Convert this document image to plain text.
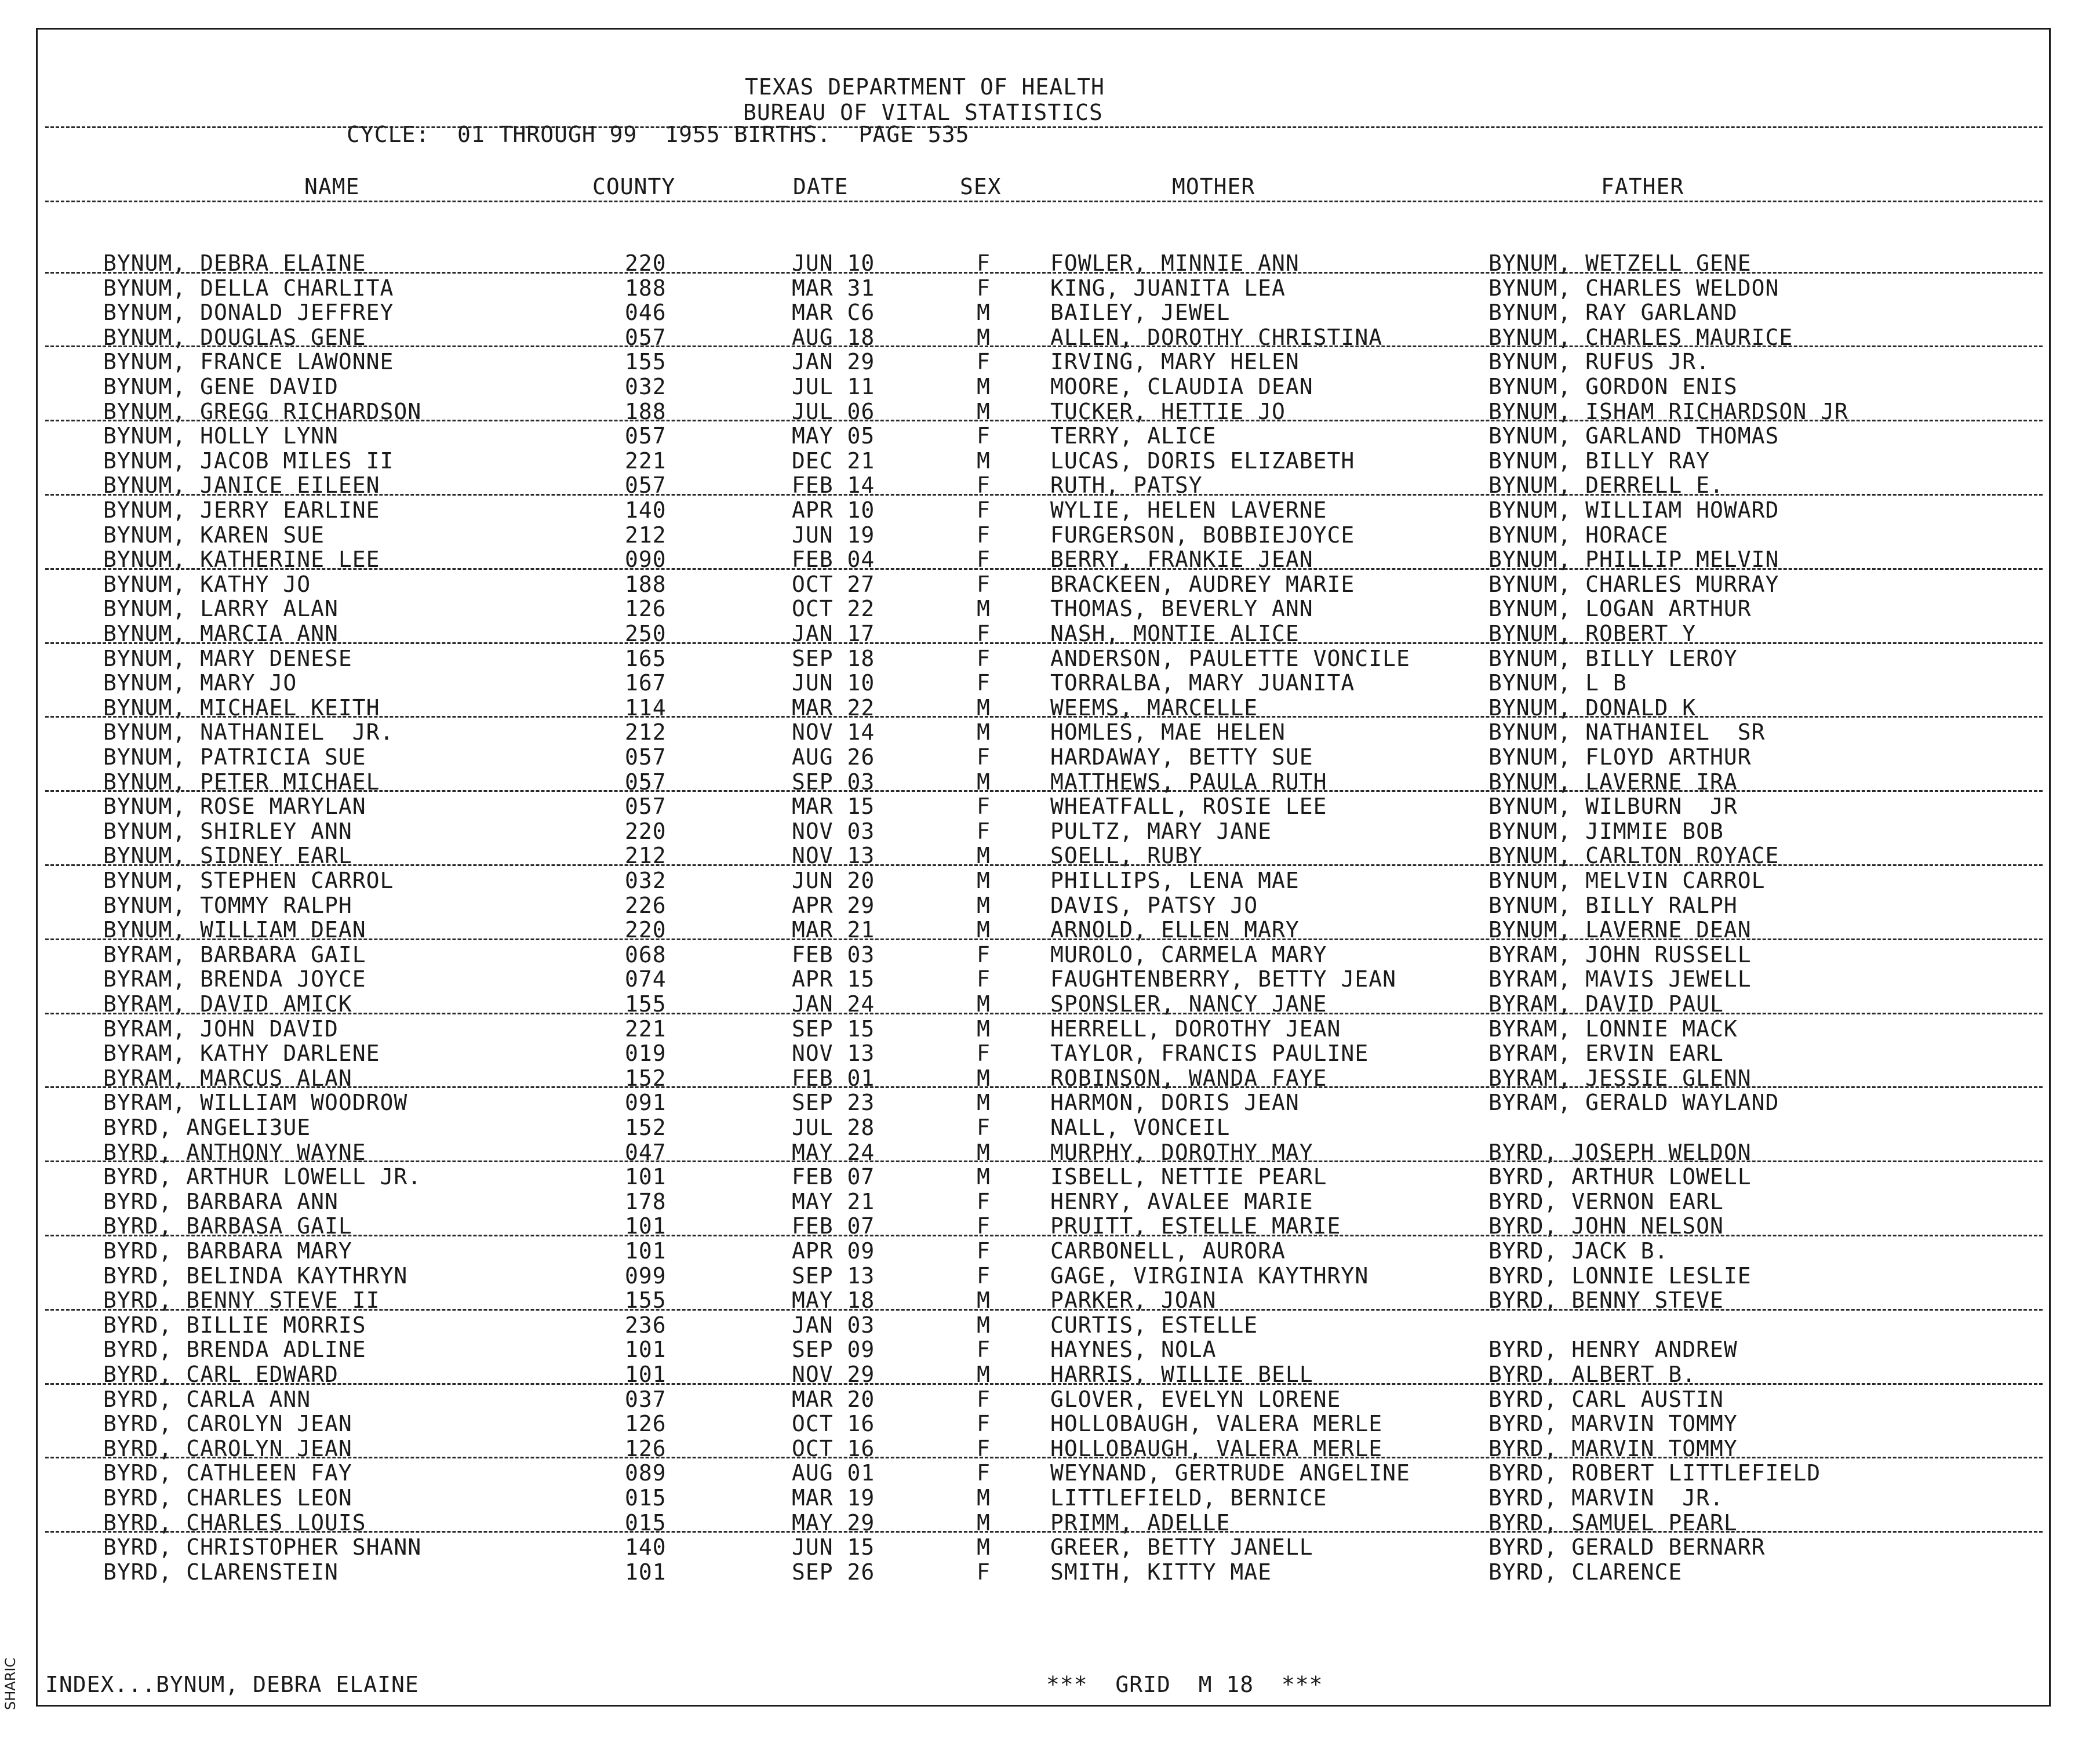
TEXAS DEPARTMENT OF HEALTH
BUREAU OF VITAL STATISTICS
CYCLE:  01 THROUGH 99  1955 BIRTHS.  PAGE 535
NAME	COUNTY	DATE	SEX	MOTHER	FATHER
BYNUM, DEBRA ELAINE	220	JUN 10	F	FOWLER, MINNIE ANN	BYNUM, WETZELL GENE
BYNUM, DELLA CHARLITA	188	MAR 31	F	KING, JUANITA LEA	BYNUM, CHARLES WELDON
BYNUM, DONALD JEFFREY	046	MAR C6	M	BAILEY, JEWEL	BYNUM, RAY GARLAND
BYNUM, DOUGLAS GENE	057	AUG 18	M	ALLEN, DOROTHY CHRISTINA	BYNUM, CHARLES MAURICE
BYNUM, FRANCE LAWONNE	155	JAN 29	F	IRVING, MARY HELEN	BYNUM, RUFUS JR.
BYNUM, GENE DAVID	032	JUL 11	M	MOORE, CLAUDIA DEAN	BYNUM, GORDON ENIS
BYNUM, GREGG RICHARDSON	188	JUL 06	M	TUCKER, HETTIE JO	BYNUM, ISHAM RICHARDSON JR
BYNUM, HOLLY LYNN	057	MAY 05	F	TERRY, ALICE	BYNUM, GARLAND THOMAS
BYNUM, JACOB MILES II	221	DEC 21	M	LUCAS, DORIS ELIZABETH	BYNUM, BILLY RAY
BYNUM, JANICE EILEEN	057	FEB 14	F	RUTH, PATSY	BYNUM, DERRELL E.
BYNUM, JERRY EARLINE	140	APR 10	F	WYLIE, HELEN LAVERNE	BYNUM, WILLIAM HOWARD
BYNUM, KAREN SUE	212	JUN 19	F	FURGERSON, BOBBIEJOYCE	BYNUM, HORACE
BYNUM, KATHERINE LEE	090	FEB 04	F	BERRY, FRANKIE JEAN	BYNUM, PHILLIP MELVIN
BYNUM, KATHY JO	188	OCT 27	F	BRACKEEN, AUDREY MARIE	BYNUM, CHARLES MURRAY
BYNUM, LARRY ALAN	126	OCT 22	M	THOMAS, BEVERLY ANN	BYNUM, LOGAN ARTHUR
BYNUM, MARCIA ANN	250	JAN 17	F	NASH, MONTIE ALICE	BYNUM, ROBERT Y
BYNUM, MARY DENESE	165	SEP 18	F	ANDERSON, PAULETTE VONCILE	BYNUM, BILLY LEROY
BYNUM, MARY JO	167	JUN 10	F	TORRALBA, MARY JUANITA	BYNUM, L B
BYNUM, MICHAEL KEITH	114	MAR 22	M	WEEMS, MARCELLE	BYNUM, DONALD K
BYNUM, NATHANIEL  JR.	212	NOV 14	M	HOMLES, MAE HELEN	BYNUM, NATHANIEL  SR
BYNUM, PATRICIA SUE	057	AUG 26	F	HARDAWAY, BETTY SUE	BYNUM, FLOYD ARTHUR
BYNUM, PETER MICHAEL	057	SEP 03	M	MATTHEWS, PAULA RUTH	BYNUM, LAVERNE IRA
BYNUM, ROSE MARYLAN	057	MAR 15	F	WHEATFALL, ROSIE LEE	BYNUM, WILBURN  JR
BYNUM, SHIRLEY ANN	220	NOV 03	F	PULTZ, MARY JANE	BYNUM, JIMMIE BOB
BYNUM, SIDNEY EARL	212	NOV 13	M	SOELL, RUBY	BYNUM, CARLTON ROYACE
BYNUM, STEPHEN CARROL	032	JUN 20	M	PHILLIPS, LENA MAE	BYNUM, MELVIN CARROL
BYNUM, TOMMY RALPH	226	APR 29	M	DAVIS, PATSY JO	BYNUM, BILLY RALPH
BYNUM, WILLIAM DEAN	220	MAR 21	M	ARNOLD, ELLEN MARY	BYNUM, LAVERNE DEAN
BYRAM, BARBARA GAIL	068	FEB 03	F	MUROLO, CARMELA MARY	BYRAM, JOHN RUSSELL
BYRAM, BRENDA JOYCE	074	APR 15	F	FAUGHTENBERRY, BETTY JEAN	BYRAM, MAVIS JEWELL
BYRAM, DAVID AMICK	155	JAN 24	M	SPONSLER, NANCY JANE	BYRAM, DAVID PAUL
BYRAM, JOHN DAVID	221	SEP 15	M	HERRELL, DOROTHY JEAN	BYRAM, LONNIE MACK
BYRAM, KATHY DARLENE	019	NOV 13	F	TAYLOR, FRANCIS PAULINE	BYRAM, ERVIN EARL
BYRAM, MARCUS ALAN	152	FEB 01	M	ROBINSON, WANDA FAYE	BYRAM, JESSIE GLENN
BYRAM, WILLIAM WOODROW	091	SEP 23	M	HARMON, DORIS JEAN	BYRAM, GERALD WAYLAND
BYRD, ANGELI3UE	152	JUL 28	F	NALL, VONCEIL
BYRD, ANTHONY WAYNE	047	MAY 24	M	MURPHY, DOROTHY MAY	BYRD, JOSEPH WELDON
BYRD, ARTHUR LOWELL JR.	101	FEB 07	M	ISBELL, NETTIE PEARL	BYRD, ARTHUR LOWELL
BYRD, BARBARA ANN	178	MAY 21	F	HENRY, AVALEE MARIE	BYRD, VERNON EARL
BYRD, BARBASA GAIL	101	FEB 07	F	PRUITT, ESTELLE MARIE	BYRD, JOHN NELSON
BYRD, BARBARA MARY	101	APR 09	F	CARBONELL, AURORA	BYRD, JACK B.
BYRD, BELINDA KAYTHRYN	099	SEP 13	F	GAGE, VIRGINIA KAYTHRYN	BYRD, LONNIE LESLIE
BYRD, BENNY STEVE II	155	MAY 18	M	PARKER, JOAN	BYRD, BENNY STEVE
BYRD, BILLIE MORRIS	236	JAN 03	M	CURTIS, ESTELLE
BYRD, BRENDA ADLINE	101	SEP 09	F	HAYNES, NOLA	BYRD, HENRY ANDREW
BYRD, CARL EDWARD	101	NOV 29	M	HARRIS, WILLIE BELL	BYRD, ALBERT B.
BYRD, CARLA ANN	037	MAR 20	F	GLOVER, EVELYN LORENE	BYRD, CARL AUSTIN
BYRD, CAROLYN JEAN	126	OCT 16	F	HOLLOBAUGH, VALERA MERLE	BYRD, MARVIN TOMMY
BYRD, CAROLYN JEAN	126	OCT 16	F	HOLLOBAUGH, VALERA MERLE	BYRD, MARVIN TOMMY
BYRD, CATHLEEN FAY	089	AUG 01	F	WEYNAND, GERTRUDE ANGELINE	BYRD, ROBERT LITTLEFIELD
BYRD, CHARLES LEON	015	MAR 19	M	LITTLEFIELD, BERNICE	BYRD, MARVIN  JR.
BYRD, CHARLES LOUIS	015	MAY 29	M	PRIMM, ADELLE	BYRD, SAMUEL PEARL
BYRD, CHRISTOPHER SHANN	140	JUN 15	M	GREER, BETTY JANELL	BYRD, GERALD BERNARR
BYRD, CLARENSTEIN	101	SEP 26	F	SMITH, KITTY MAE	BYRD, CLARENCE
INDEX...BYNUM, DEBRA ELAINE	***  GRID  M 18  ***
SHARIC
